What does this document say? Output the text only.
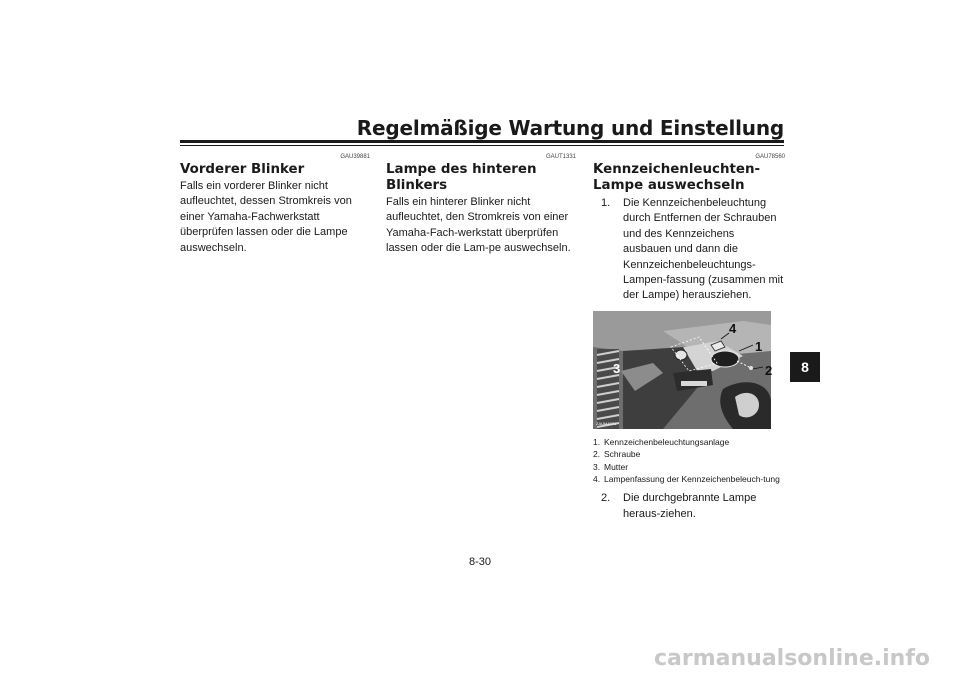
Regelmäßige Wartung und Einstellung
8
GAU39881
Vorderer Blinker
Falls ein vorderer Blinker nicht aufleuchtet, dessen Stromkreis von einer Yamaha-Fachwerkstatt überprüfen lassen oder die Lampe auswechseln.
GAUT1331
Lampe des hinteren Blinkers
Falls ein hinterer Blinker nicht aufleuchtet, den Stromkreis von einer Yamaha-Fach-werkstatt überprüfen lassen oder die Lam-pe auswechseln.
GAU78560
Kennzeichenleuchten-Lampe auswechseln
1.	Die Kennzeichenbeleuchtung durch Entfernen der Schrauben und des Kennzeichens ausbauen und dann die Kennzeichenbeleuchtungs-Lampen-fassung (zusammen mit der Lampe) herausziehen.
4
1
2
3
ZAUM4971
1. Kennzeichenbeleuchtungsanlage
2. Schraube
3. Mutter
4. Lampenfassung der Kennzeichenbeleuch-tung
2.	Die durchgebrannte Lampe heraus-ziehen.
8-30
carmanualsonline.info
